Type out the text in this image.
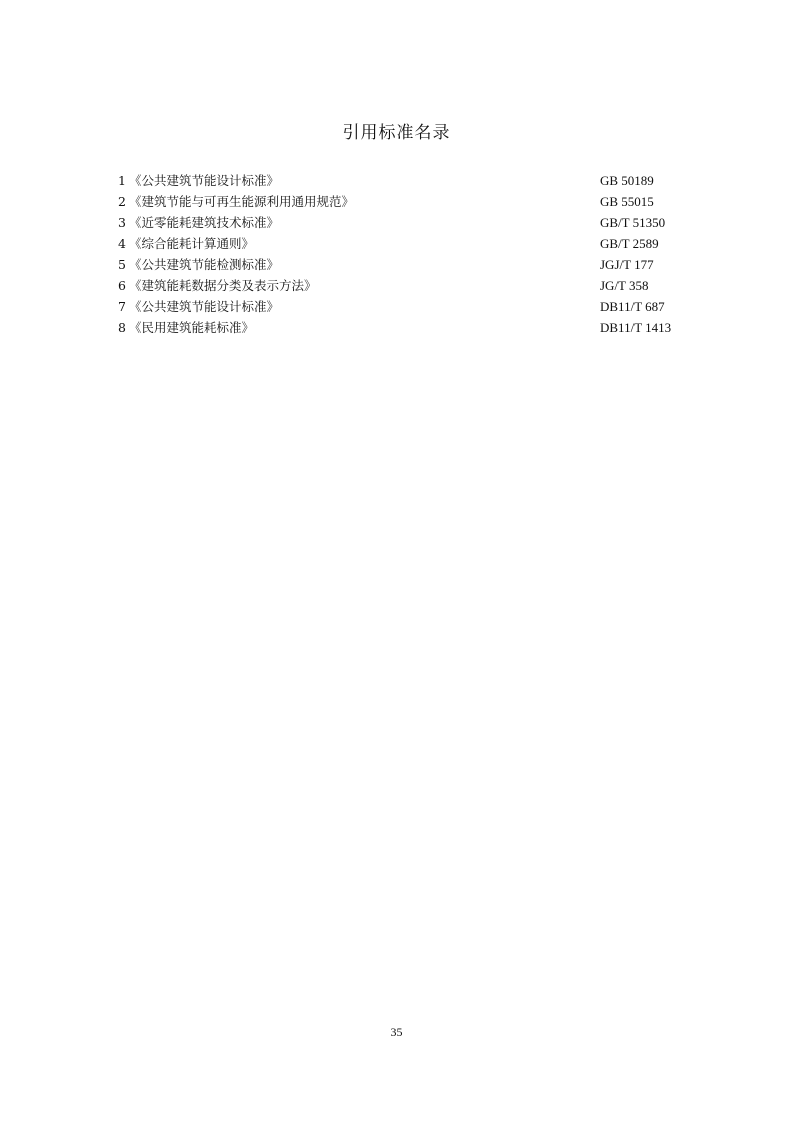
引用标准名录
1 《公共建筑节能设计标准》	GB 50189
2 《建筑节能与可再生能源利用通用规范》	GB 55015
3 《近零能耗建筑技术标准》	GB/T 51350
4 《综合能耗计算通则》	GB/T 2589
5 《公共建筑节能检测标准》	JGJ/T 177
6 《建筑能耗数据分类及表示方法》	JG/T 358
7 《公共建筑节能设计标准》	DB11/T 687
8 《民用建筑能耗标准》	DB11/T 1413
35
